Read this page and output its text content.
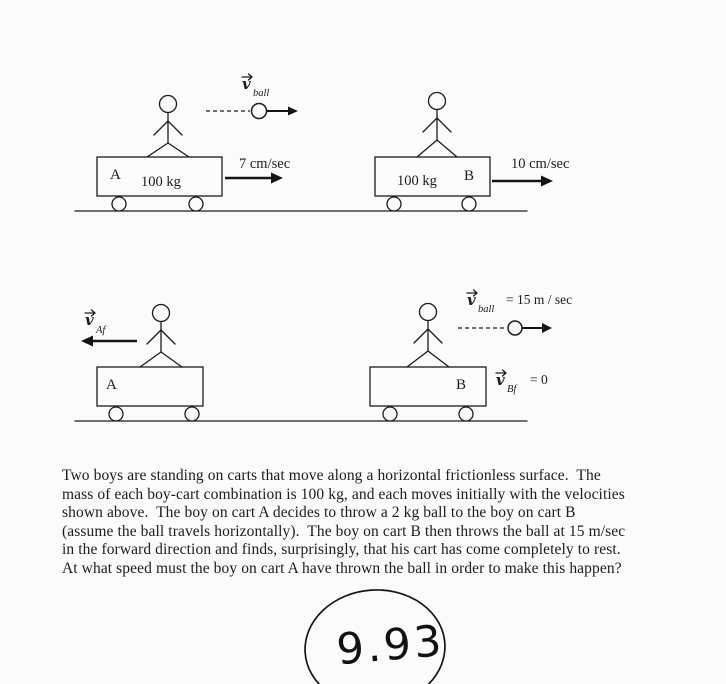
A 100 kg
v
ball
7 cm/sec
100 kg B
10 cm/sec
A
v
Af
B
v
ball
= 15 m / sec
v
Bf
= 0
Two boys are standing on carts that move along a horizontal frictionless surface.  The
mass of each boy-cart combination is 100 kg, and each moves initially with the velocities
shown above.  The boy on cart A decides to throw a 2 kg ball to the boy on cart B
(assume the ball travels horizontally).  The boy on cart B then throws the ball at 15 m/sec
in the forward direction and finds, surprisingly, that his cart has come completely to rest.
At what speed must the boy on cart A have thrown the ball in order to make this happen?
9.93
